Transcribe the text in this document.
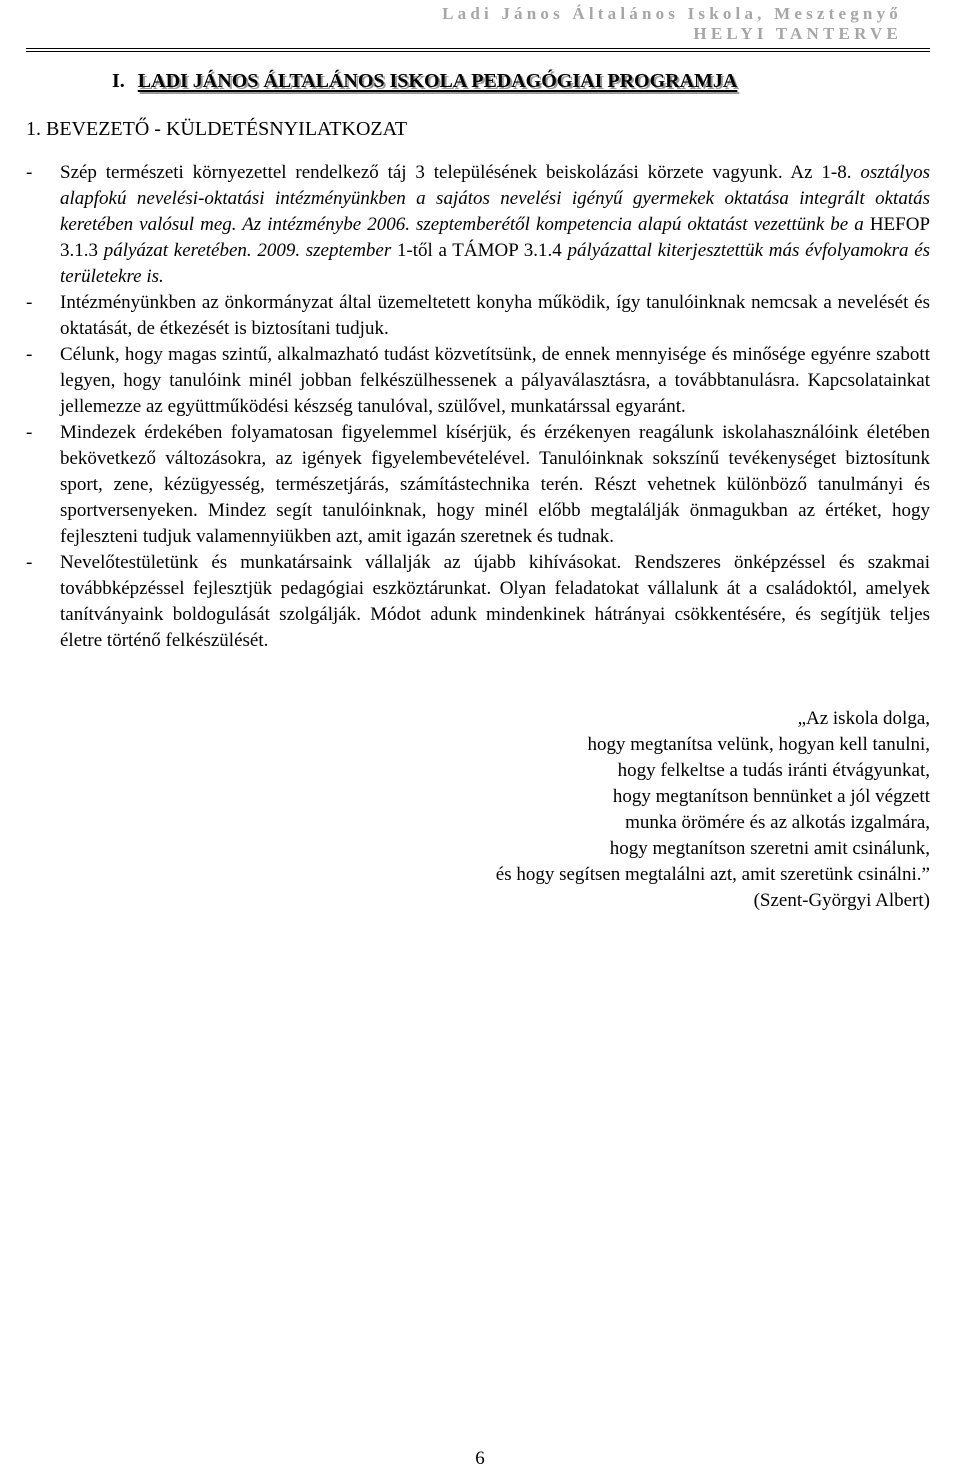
Ladi János Általános Iskola, Mesztegnyő
HELYI TANTERVE
I. LADI JÁNOS ÁLTALÁNOS ISKOLA PEDAGÓGIAI PROGRAMJA
1. BEVEZETŐ - KÜLDETÉSNYILATKOZAT
-	Szép természeti környezettel rendelkező táj 3 településének beiskolázási körzete vagyunk. Az 1-8. osztályos alapfokú nevelési-oktatási intézményünkben a sajátos nevelési igényű gyermekek oktatása integrált oktatás keretében valósul meg. Az intézménybe 2006. szeptemberétől kompetencia alapú oktatást vezettünk be a HEFOP 3.1.3 pályázat keretében. 2009. szeptember 1-től a TÁMOP 3.1.4 pályázattal kiterjesztettük más évfolyamokra és területekre is.
-	Intézményünkben az önkormányzat által üzemeltetett konyha működik, így tanulóinknak nemcsak a nevelését és oktatását, de étkezését is biztosítani tudjuk.
-	Célunk, hogy magas szintű, alkalmazható tudást közvetítsünk, de ennek mennyisége és minősége egyénre szabott legyen, hogy tanulóink minél jobban felkészülhessenek a pályaválasztásra, a továbbtanulásra. Kapcsolatainkat jellemezze az együttműködési készség tanulóval, szülővel, munkatárssal egyaránt.
-	Mindezek érdekében folyamatosan figyelemmel kísérjük, és érzékenyen reagálunk iskolahasználóink életében bekövetkező változásokra, az igények figyelembevételével. Tanulóinknak sokszínű tevékenységet biztosítunk sport, zene, kézügyesség, természetjárás, számítástechnika terén. Részt vehetnek különböző tanulmányi és sportversenyeken. Mindez segít tanulóinknak, hogy minél előbb megtalálják önmagukban az értéket, hogy fejleszteni tudjuk valamennyiükben azt, amit igazán szeretnek és tudnak.
-	Nevelőtestületünk és munkatársaink vállalják az újabb kihívásokat. Rendszeres önképzéssel és szakmai továbbképzéssel fejlesztjük pedagógiai eszköztárunkat. Olyan feladatokat vállalunk át a családoktól, amelyek tanítványaink boldogulását szolgálják. Módot adunk mindenkinek hátrányai csökkentésére, és segítjük teljes életre történő felkészülését.
„Az iskola dolga,
hogy megtanítsa velünk, hogyan kell tanulni,
hogy felkeltse a tudás iránti étvágyunkat,
hogy megtanítson bennünket a jól végzett
munka örömére és az alkotás izgalmára,
hogy megtanítson szeretni amit csinálunk,
és hogy segítsen megtalálni azt, amit szeretünk csinálni.”
(Szent-Györgyi Albert)
6
